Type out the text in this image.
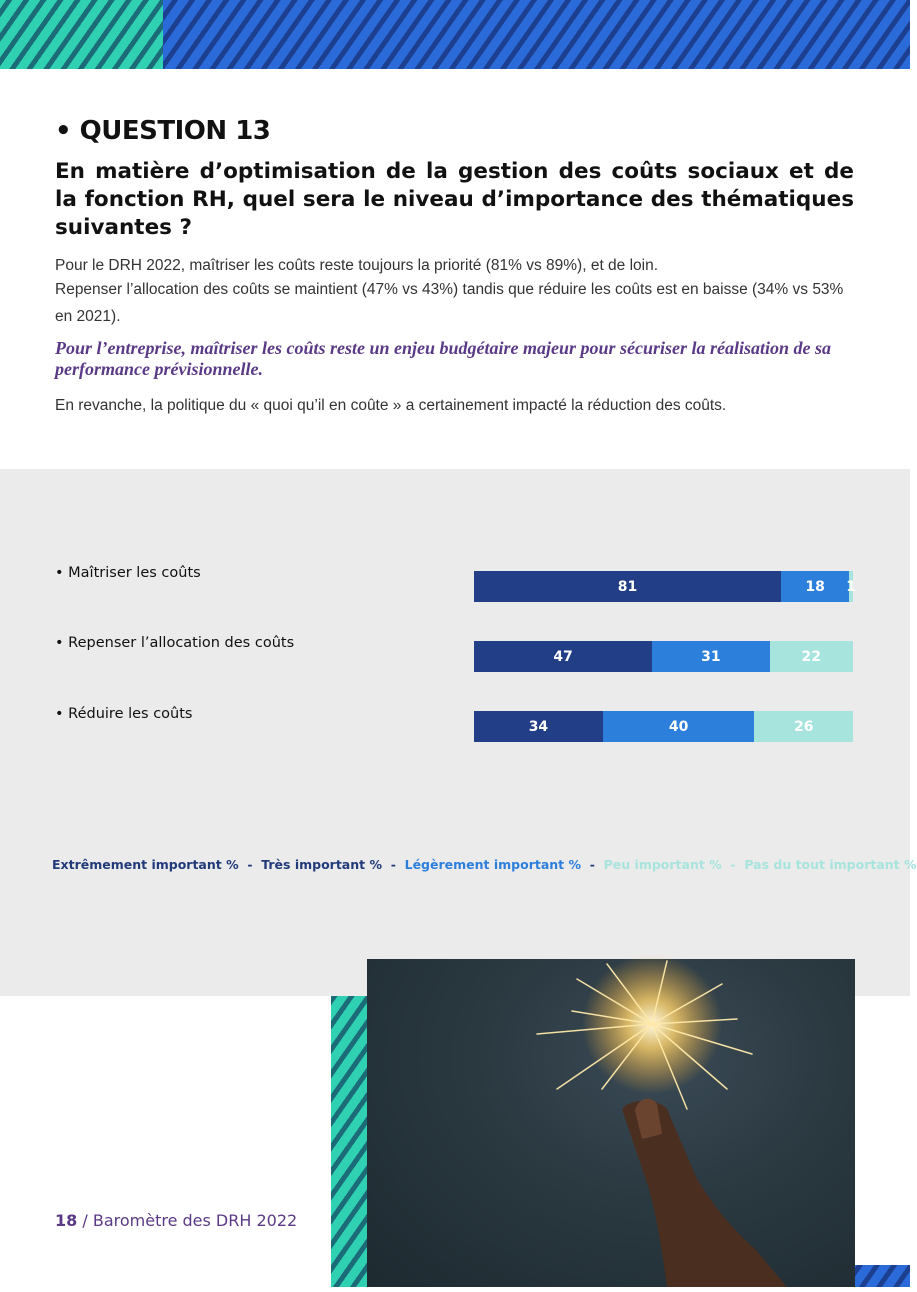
• QUESTION 13

En matière d’optimisation de la gestion des coûts sociaux et de la fonction RH, quel sera le niveau d’importance des thématiques suivantes ?

Pour le DRH 2022, maîtriser les coûts reste toujours la priorité (81% vs 89%), et de loin.

Repenser l’allocation des coûts se maintient (47% vs 43%) tandis que réduire les coûts est en baisse (34% vs 53% en 2021).

Pour l’entreprise, maîtriser les coûts reste un enjeu budgétaire majeur pour sécuriser la réalisation de sa performance prévisionnelle.

En revanche, la politique du « quoi qu’il en coûte » a certainement impacté la réduction des coûts.

• Maîtriser les coûts
81	18 1
• Repenser l’allocation des coûts
47	31	22
• Réduire les coûts
34	40	26
Extrêmement important %  -  Très important %  -  Légèrement important %  -  Peu important %  -  Pas du tout important %
18 / Baromètre des DRH 2022
